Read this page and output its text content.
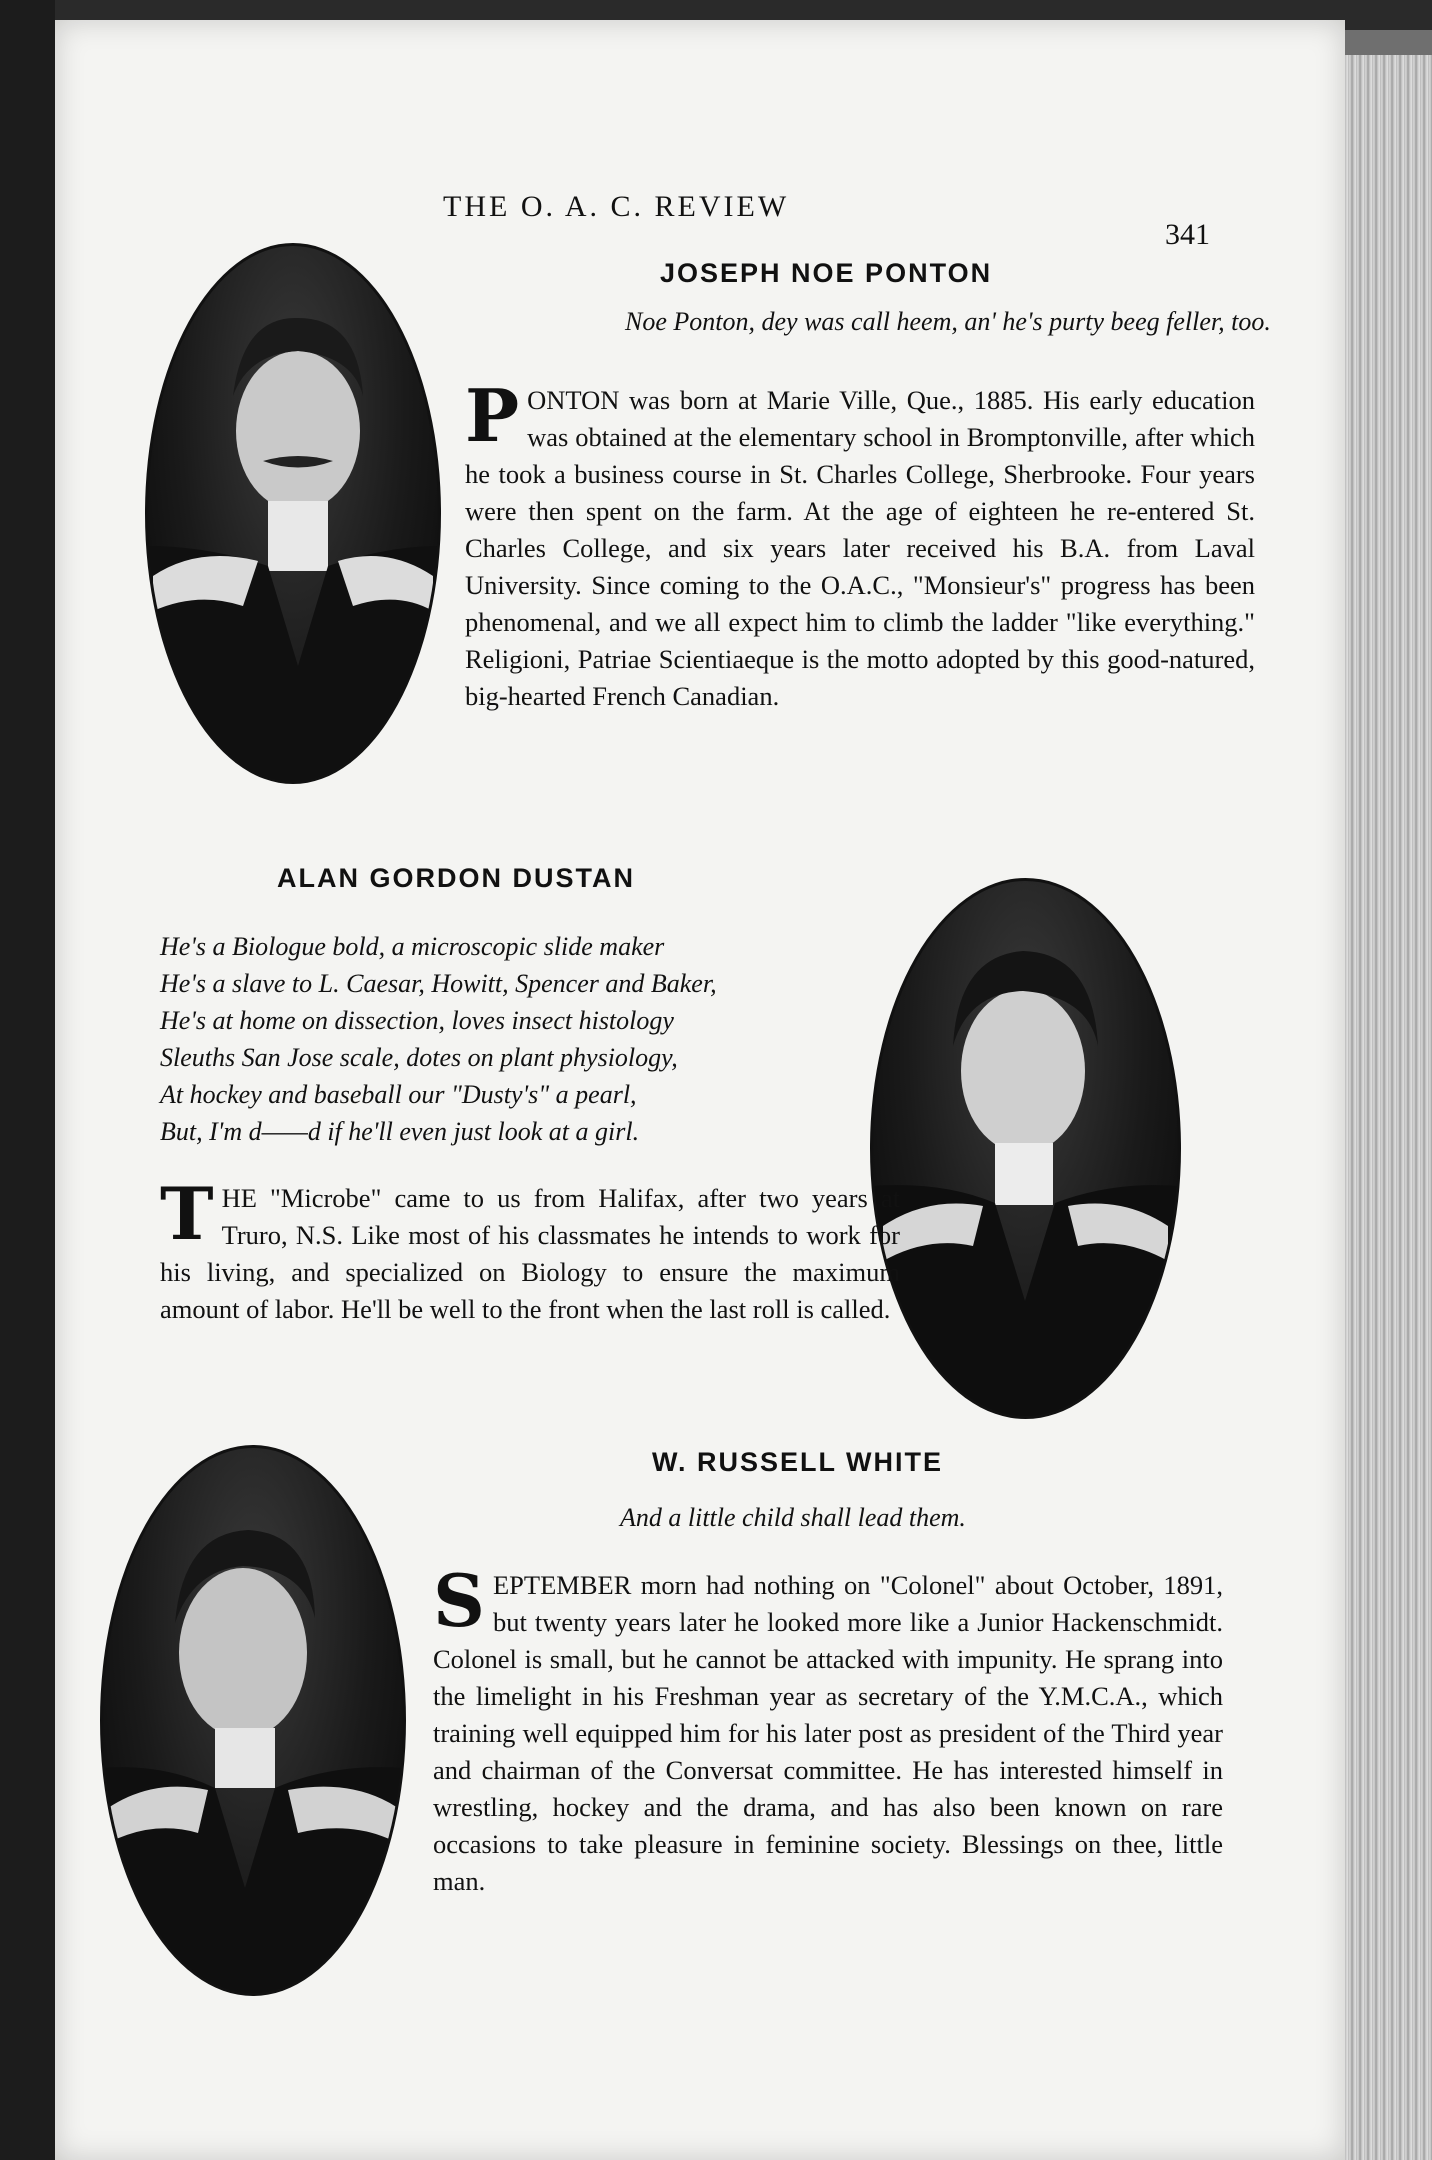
THE O. A. C. REVIEW
341
JOSEPH NOE PONTON
Noe Ponton, dey was call heem, an' he's purty beeg feller, too.
P ONTON was born at Marie Ville, Que., 1885. His early education was obtained at the elementary school in Bromptonville, after which he took a business course in St. Charles College, Sherbrooke. Four years were then spent on the farm. At the age of eighteen he re-entered St. Charles College, and six years later received his B.A. from Laval University. Since coming to the O.A.C., "Monsieur's" progress has been phenomenal, and we all expect him to climb the ladder "like everything." Religioni, Patriae Scientiaeque is the motto adopted by this good-natured, big-hearted French Canadian.
ALAN GORDON DUSTAN
He's a Biologue bold, a microscopic slide maker
He's a slave to L. Caesar, Howitt, Spencer and Baker,
He's at home on dissection, loves insect histology
Sleuths San Jose scale, dotes on plant physiology,
At hockey and baseball our "Dusty's" a pearl,
But, I'm d——d if he'll even just look at a girl.
T HE "Microbe" came to us from Halifax, after two years at Truro, N.S. Like most of his classmates he intends to work for his living, and specialized on Biology to ensure the maximum amount of labor. He'll be well to the front when the last roll is called.
W. RUSSELL WHITE
And a little child shall lead them.
S EPTEMBER morn had nothing on "Colonel" about October, 1891, but twenty years later he looked more like a Junior Hackenschmidt. Colonel is small, but he cannot be attacked with impunity. He sprang into the limelight in his Freshman year as secretary of the Y.M.C.A., which training well equipped him for his later post as president of the Third year and chairman of the Conversat committee. He has interested himself in wrestling, hockey and the drama, and has also been known on rare occasions to take pleasure in feminine society. Blessings on thee, little man.
